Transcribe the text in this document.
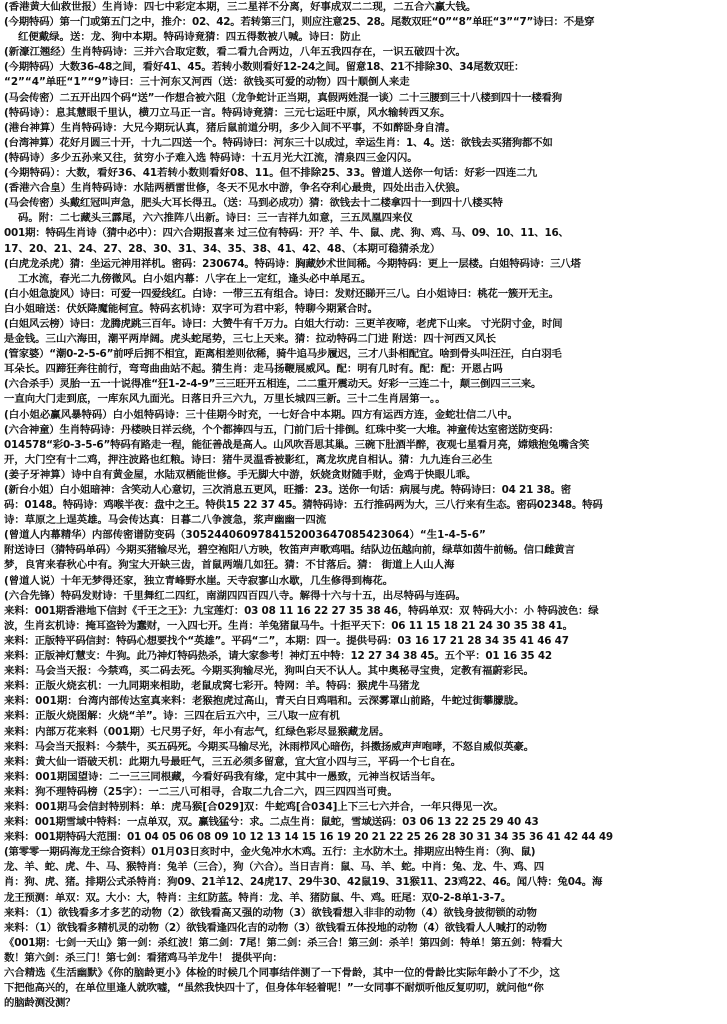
(香港黄大仙救世报）生肖诗：四七中彩定本期，三二星祥不分离，好事成双二二现，二五合六赢大钱。
(今期特码）第一门或第五门之中，推介：02、42。若转第三门，则应注意25、28。尾数双旺“0”“8”单旺“3”“7”诗曰：不是穿
红便戴绿。送：龙、狗中本期。特码诗竟猜：四五得数被八喊。诗曰：防止
(新濠江翘经）生肖特码诗：三并六合取定数，看二看九合两边，八年五我四存在，一识五破四十次。
(今期特码）大数36-48之间，看好41、45。若转小数则看好12-24之间。留意18、21不排除30、34尾数双旺：
“2”“4”单旺“1”“9”诗曰：三十河东又河西（送：欲钱买可爱的动物）四十顺倒人来走
(马会传密）二五开出四个码“送”一作想合被六阻（龙争蛇计正当期，真假两姓混一谈）二十三腰到三十八楼到四十一楼看狗
(特码诗）：息其慧眼千里认，横刀立马正一言。特码诗竟猜：三元七运旺中原，风水输转西又东。
(港台神算）生肖特码诗：大兄今期玩认真，猪后鼠前道分明，多少入间不平事，不如醉卧身自清。
(台湾神算）花好月圆三十开，十九二四送一个。特码诗曰：河东三十以成过，幸运生肖：1、4。送：欲钱去买猪狗都不如
(特码诗）多少五孙来又往，贫穷小子难入选 特码诗：十五月光大江流，清泉四三金闪闪。
(今期特码）：大数，看好36、41若转小数则看好08、11。但不排除25、33。曾道人送你一句话：好彩一四连二九
(香港六合皇）生肖特码诗：水陆两栖雷世修，冬天不见水中游，争名夺利心最贵，四处出击入伏狼。
(马会传密）头戴红冠叫声急，肥头大耳长得丑。（送：马到必成功）猜：欲钱去十二楼拿四十一到四十八楼买特
码。附：二七藏头三霹尾，六六推阵八出新。诗曰：三一吉祥九如意，三五凤凰四来仪
001期：特码生肖诗（猜中必中）：四六合期报喜来 过三位有特码：开？羊、牛、鼠、虎、狗、鸡、马、09、10、11、16、
17、20、21、24、27、28、30、31、34、35、38、41、42、48、（本期可稳猜杀龙）
(白虎龙杀虎）猜：坐运元神用祥机。密码：230674。特码诗：胸藏妙术世间稀。今期特码：更上一层楼。白姐特码诗：三八塔
工水流，春光二九傍微风。白小姐内幕：八字在上一定红，逢头必中单尾五。
(白小姐急旋风）诗曰：可爱一四爱线红。白诗：一带三五有组合。诗曰：发财还睇开三八。白小姐诗曰：桃花一簇开无主。
白小姐暗送：伏妖降魔能柯宣。特码玄机诗：双字可为君中彩，特聊今期紧合时。
(白姐风云榜）诗曰：龙腾虎跳三百年。诗曰：大赞牛有千万力。白姐大行动：三更羊夜啼，老虎下山来。 寸光阴寸金，时间
是金钱。三山六海田，潮平两岸阔。虎头蛇尾势，三七上天来。猜：拉动特码二门进 附送：四十河西又风长
(管家婆）“潮0-2-5-6”前呼后拥不相宜，距离相差则依稀，骑牛追马步履迟，三才八卦相配宜。啥到骨头叫汪汪，白白羽毛
耳朵长。四蹄狂奔往前行，弯弯曲曲站不起。猜生肖：走马扬鞭展威风。配：明有几时有。配：配：开恩占吗
(六合杀手）灵胎一五一十说得准“狂1-2-4-9”三三旺开五相连，二二重开震动天。好彩一三连二十，颠三倒四三三来。
一直向大门走到底，一库东风九面光。日落日升三六九，万里长城四三新。三十二生肖居第一。。
(白小姐必赢风暴特码）白小姐特码诗：三十佳期今时充，一七好合中本期。四方有运西方连，金蛇壮信二八中。
(六合神童）生肖特码诗：丹楼映日祥云绕，个个都捧四与五，门前门后十排倒。红珠中奖一大堆。神童传达室密送防变码：
014578“彩0-3-5-6”特码有路走一程，能征善战是高人。山风吹吾思其巢。三碗下肚酒半醉，夜观七星看月亮，嫦娥抱兔嘴含笑
开，大门空有十二鸡，押注波路也红粮。诗曰：猪牛灵温香被影红，离龙坎虎自相认。猜：九九连台三必生
(姜子牙神算）诗中自有黄金屋，水陆双栖能世修。手无脚大中游，妖娆贪财随手财，金鸡于快眼儿乖。
(新台小姐）白小姐暗神：含笑动人心意切，三次消息五更风，旺播：23。送你一句话：病展与虎。特码诗曰：04 21 38。密
码：0148。特码诗：鸡喉半夜：盘中之王。特供15 22 37 45。猜特码诗：五行推码两为大，三八行来有生态。密码02348。特码
诗：草原之上逞英雄。马会传达真：日暮二八争渡急，浆声幽幽一四流
(曾道人内幕精华）内部传密谱防变码（3052440609784152003647085423064）“生1-4-5-6”
附送诗曰（猜特码单码）今期买猪输尽光，碧空袍阳八方映，牧笛声声歌鸡唱。结队边伍越向前，绿草如茵牛前畅。信口雌黄言
梦，良宵来春秋心中有。狗宝大开缺三齿，首鼠两端几如狂。猜：不甘落后。猜： 街道上人山人海
(曾道人说）十年无梦得还家，独立青峰野水崖。天寺寂寥山水歇，几生修得到梅花。
(六合先锋）特码发财诗：千里舞红二四红，南湖四四百四八寺。解得十六与十五，出尽特码与连码。
来料：001期香港地下信封《千王之王》：九宝莲灯：03 08 11 16 22 27 35 38 46，特码单双：双 特码大小：小 特码波色：绿
波，生肖玄机诗：掩耳盗铃为蠢财，一入四七开。生肖：羊兔猪鼠马牛。十拒平天下：06 11 15 18 21 24 30 35 38 41。
来料：正版特平码信封：特码心想要找个“英雄”。平码“二”，本期：四一。提供号码：03 16 17 21 28 34 35 41 46 47
来料：正版神灯慧支：牛狗。此乃神灯特码热杀，请大家参考！神灯五中特：12 27 34 38 45。五个平：01 16 35 42
来料：马会当天报：今禁鸡，买二码去死。今期买狗输尽光，狗叫白天不认人。其中奥秘寻宝贵，定教有福蔚彩民。
来料：正版火烧玄机：一九同期来相助，老鼠成窝七彩开。特网：羊。特码：猴虎牛马猪龙
来料：001期：台湾内部传达室真来料：老猴抱虎过高山，青天白日鸡唱和。云深雾罩山前路，牛蛇过街攀朦胧。
来料：正版火烧图解：火烧“羊”。诗：三四在后五六中，三八取一应有机
来料：内部万花来料（001期）七尺男子好，年小有志气，红绿色彩尽显猴藏龙居。
来料：马会当天报料：今禁牛，买五码死。今期买马输尽光，沐雨栉风心暗伤，抖擞扬威声声咆哮，不怒自威似英豪。
来料：黄大仙一语破天机：此期九号最旺气，三五必须多留意，宜大宜小四与三，平码一个七自在。
来料：001期国望诗：二一三三同根藏，今看好码我有缘，定中其中一愚致，元神当权话当年。
来料：狗不理特码榜（25字）：一二三八可相寻，合取二九合二六，四三四四当可贵。
来料：001期马会信封特别料：单：虎马猴[合029]双：牛蛇鸡[合034]上下三七六并合，一年只得见一次。
来料：001期雪域中特料：一点单双，双。赢钱猛兮：求。二点生肖：鼠蛇，雪域送码：03 06 13 22 25 29 40 43
来料：001期特码大范围：01 04 05 06 08 09 10 12 13 14 15 16 19 20 21 22 25 26 28 30 31 34 35 36 41 42 44 49
(第零零一期码海龙王综合资料）01月03日亥时中，金火兔冲水木鸡。五行：主水防木土。排期应出特生肖：（狗、鼠)
龙、羊、蛇、虎、牛、马、猴特肖：兔羊（三合），狗（六合）。当日吉肖：鼠、马、羊、蛇。中肖：兔、龙、牛、鸡、四
肖：狗、虎、猪。排期公式杀特肖：狗09、21羊12、24虎17、29牛30、42鼠19、31猴11、23鸡22、46。闻八特：兔04。海
龙王预测：单双：双。大小：大，特肖：主红防蓝。特肖：龙、羊、猪防鼠、牛、鸡。旺尾：双0-2-8单1-3-7。
来料：（1）欲钱看多才多艺的动物（2）欲钱看高又强的动物（3）欲钱看想入非非的动物（4）欲钱身披彻锁的动物
来料：（1）欲钱看多精机灵的动物（2）欲钱看逢四化吉的动物（3）欲钱看五体投地的动物（4）欲钱看人人喊打的动物
《001期：七剑一天山》第一剑：杀红波！第二剑：7尾！第二剑：杀三合！第三剑：杀羊！第四剑：特单！第五剑：特看大
数！第六剑：杀三门！第七剑：看猪鸡马羊龙牛！ 提供平向：
六合精选《生活幽默》《你的脑龄更小》体检的时候几个同事结伴测了一下骨龄，其中一位的骨龄比实际年龄小了不少，这
下把他高兴的，在单位里逢人就吹嘘，“虽然我快四十了，但身体年轻着呢！”一女同事不耐烦听他反复叨叨，就问他“你
的脑龄测没测？
